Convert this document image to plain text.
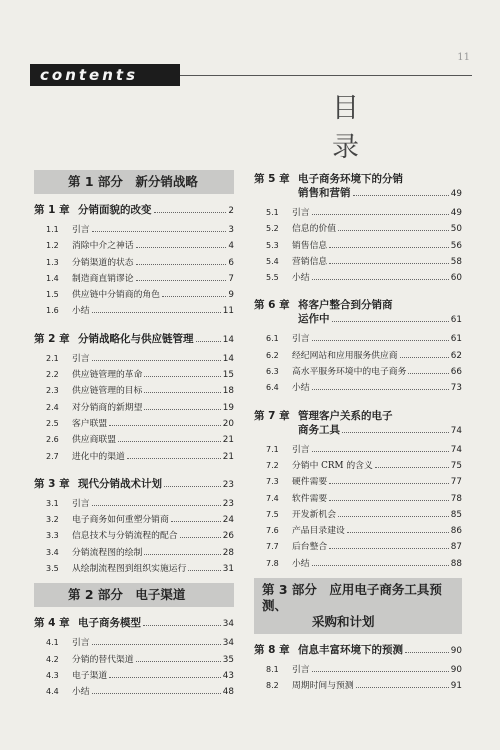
11
contents
目 录
第 1 部分　新分销战略
第 1 章 分销面貌的改变	2
1.1	引言	3
1.2	消除中介之神话	4
1.3	分销渠道的状态	6
1.4	制造商直销谬论	7
1.5	供应链中分销商的角色	9
1.6	小结	11
第 2 章 分销战略化与供应链管理	14
2.1	引言	14
2.2	供应链管理的革命	15
2.3	供应链管理的目标	18
2.4	对分销商的新期望	19
2.5	客户联盟	20
2.6	供应商联盟	21
2.7	进化中的渠道	21
第 3 章 现代分销战术计划	23
3.1	引言	23
3.2	电子商务如何重塑分销商	24
3.3	信息技术与分销流程的配合	26
3.4	分销流程图的绘制	28
3.5	从绘制流程图到组织实施运行	31
第 2 部分　电子渠道
第 4 章 电子商务模型	34
4.1	引言	34
4.2	分销的替代渠道	35
4.3	电子渠道	43
4.4	小结	48
第 5 章 电子商务环境下的分销
销售和营销	49
5.1	引言	49
5.2	信息的价值	50
5.3	销售信息	56
5.4	营销信息	58
5.5	小结	60
第 6 章 将客户整合到分销商
运作中	61
6.1	引言	61
6.2	经纪网站和应用服务供应商	62
6.3	高水平服务环境中的电子商务	66
6.4	小结	73
第 7 章 管理客户关系的电子
商务工具	74
7.1	引言	74
7.2	分销中 CRM 的含义	75
7.3	硬件需要	77
7.4	软件需要	78
7.5	开发新机会	85
7.6	产品目录建设	86
7.7	后台整合	87
7.8	小结	88
第 3 部分　应用电子商务工具预测、
采购和计划
第 8 章 信息丰富环境下的预测	90
8.1	引言	90
8.2	周期时间与预测	91
